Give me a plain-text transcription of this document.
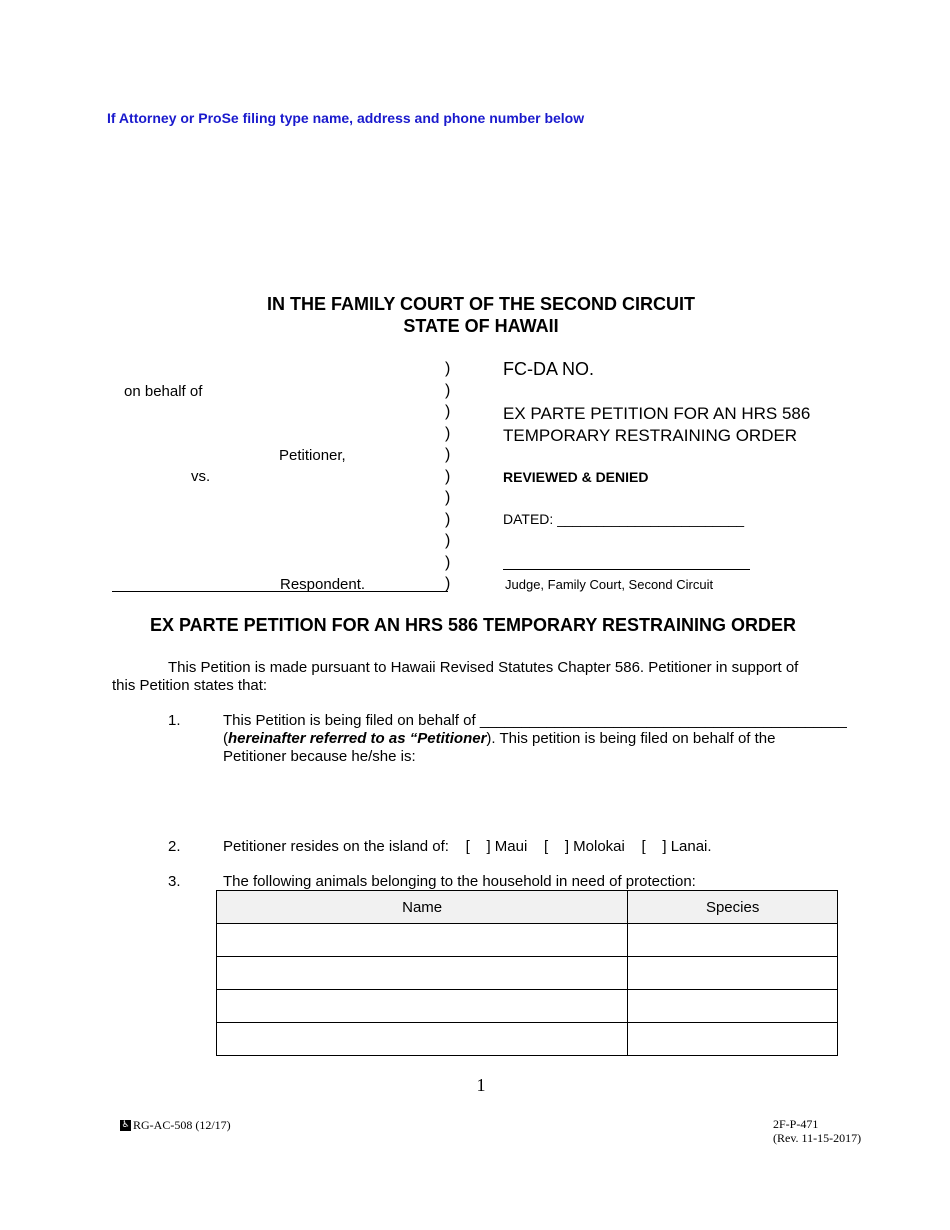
If Attorney or ProSe filing type name, address and phone number below
IN THE FAMILY COURT OF THE SECOND CIRCUIT
STATE OF HAWAII
on behalf of
Petitioner,
vs.
Respondent.
)
)
)
)
)
)
)
)
)
)
)
FC-DA NO.
EX PARTE PETITION FOR AN HRS 586
TEMPORARY RESTRAINING ORDER
REVIEWED & DENIED
DATED: ________________________
Judge, Family Court, Second Circuit
EX PARTE PETITION FOR AN HRS 586 TEMPORARY RESTRAINING ORDER
This Petition is made pursuant to Hawaii Revised Statutes Chapter 586. Petitioner in support of
this Petition states that:
1.	This Petition is being filed on behalf of ____________________________________________
(hereinafter referred to as “Petitioner). This petition is being filed on behalf of the
Petitioner because he/she is:
2.	Petitioner resides on the island of:    [    ] Maui    [    ] Molokai    [    ] Lanai.
3.	The following animals belonging to the household in need of protection:
Name	Species

1
♿ RG-AC-508 (12/17)	2F-P-471
(Rev. 11-15-2017)
